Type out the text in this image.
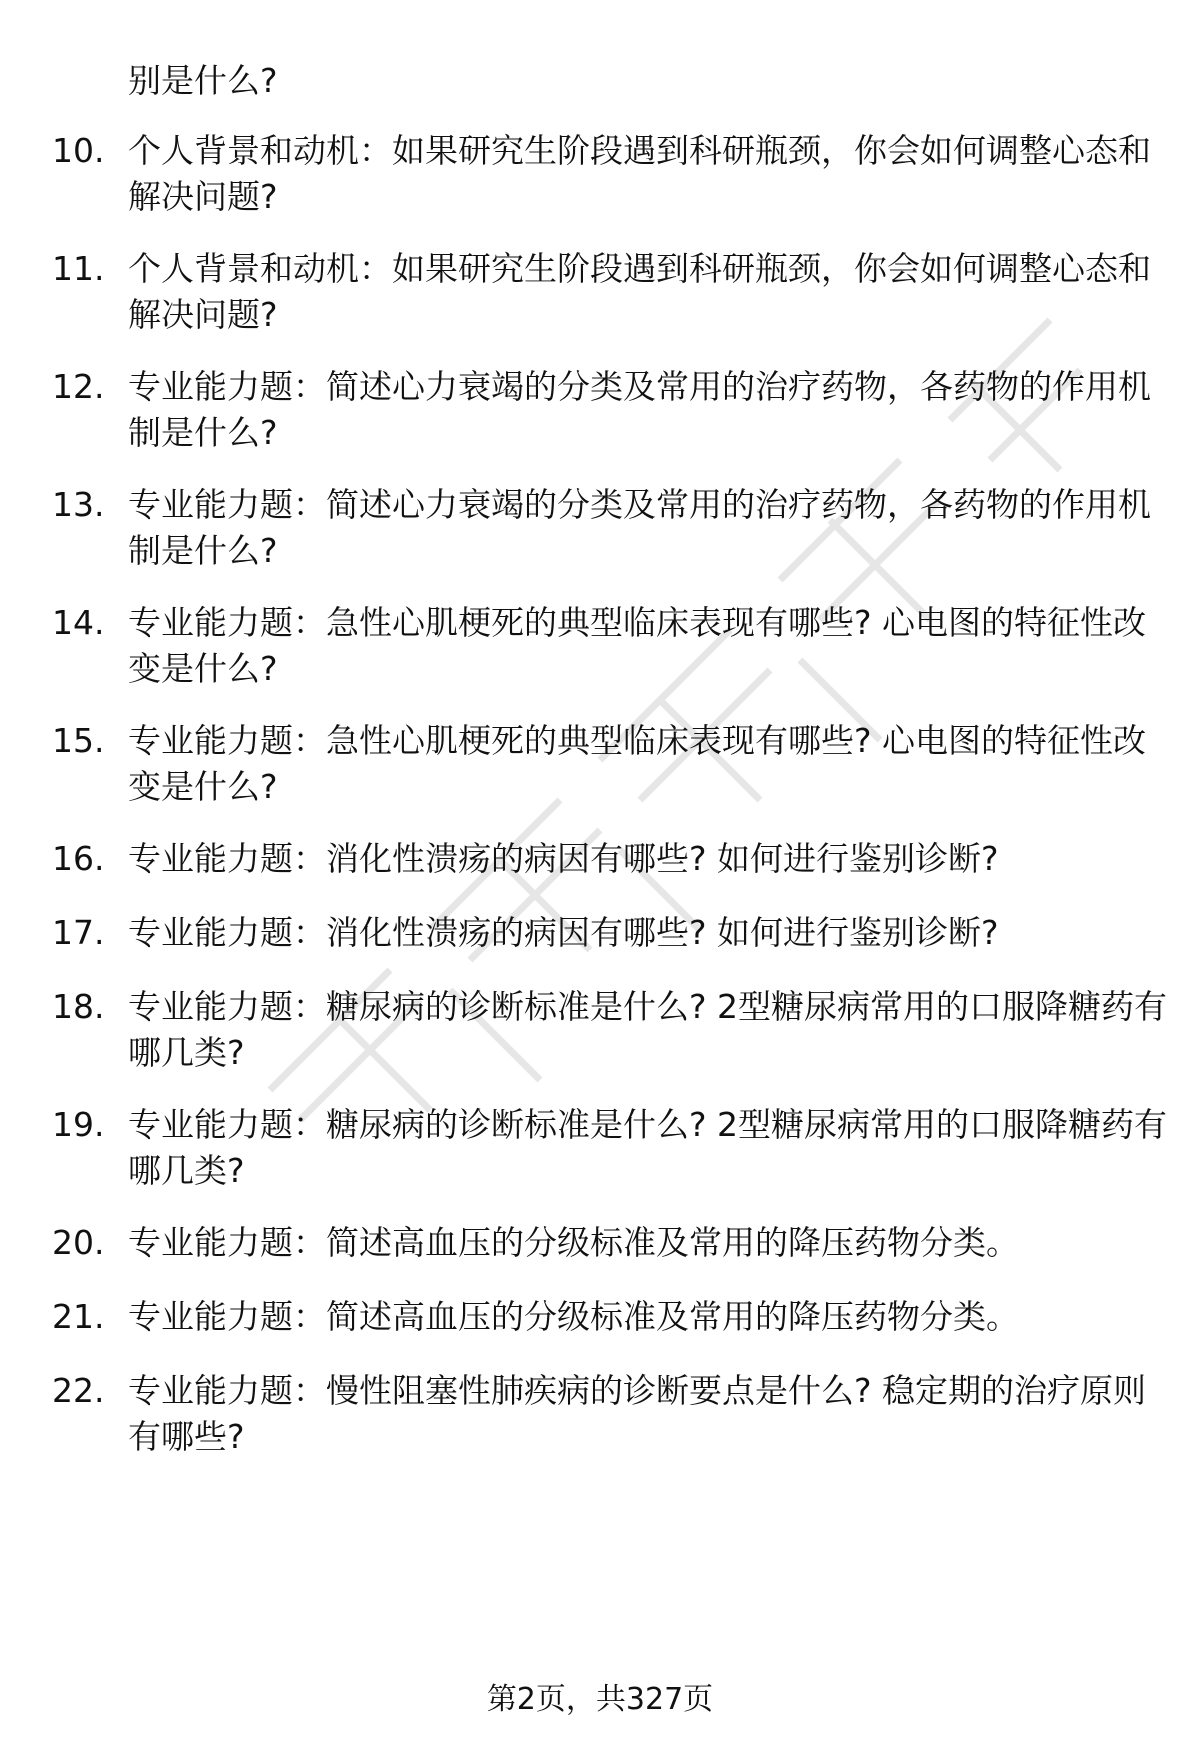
别是什么?
10. 个人背景和动机：如果研究生阶段遇到科研瓶颈，你会如何调整心态和解决问题?
11. 个人背景和动机：如果研究生阶段遇到科研瓶颈，你会如何调整心态和解决问题?
12. 专业能力题：简述心力衰竭的分类及常用的治疗药物，各药物的作用机制是什么?
13. 专业能力题：简述心力衰竭的分类及常用的治疗药物，各药物的作用机制是什么?
14. 专业能力题：急性心肌梗死的典型临床表现有哪些? 心电图的特征性改变是什么?
15. 专业能力题：急性心肌梗死的典型临床表现有哪些? 心电图的特征性改变是什么?
16. 专业能力题：消化性溃疡的病因有哪些? 如何进行鉴别诊断?
17. 专业能力题：消化性溃疡的病因有哪些? 如何进行鉴别诊断?
18. 专业能力题：糖尿病的诊断标准是什么? 2型糖尿病常用的口服降糖药有哪几类?
19. 专业能力题：糖尿病的诊断标准是什么? 2型糖尿病常用的口服降糖药有哪几类?
20. 专业能力题：简述高血压的分级标准及常用的降压药物分类。
21. 专业能力题：简述高血压的分级标准及常用的降压药物分类。
22. 专业能力题：慢性阻塞性肺疾病的诊断要点是什么? 稳定期的治疗原则有哪些?
第2页，共327页
